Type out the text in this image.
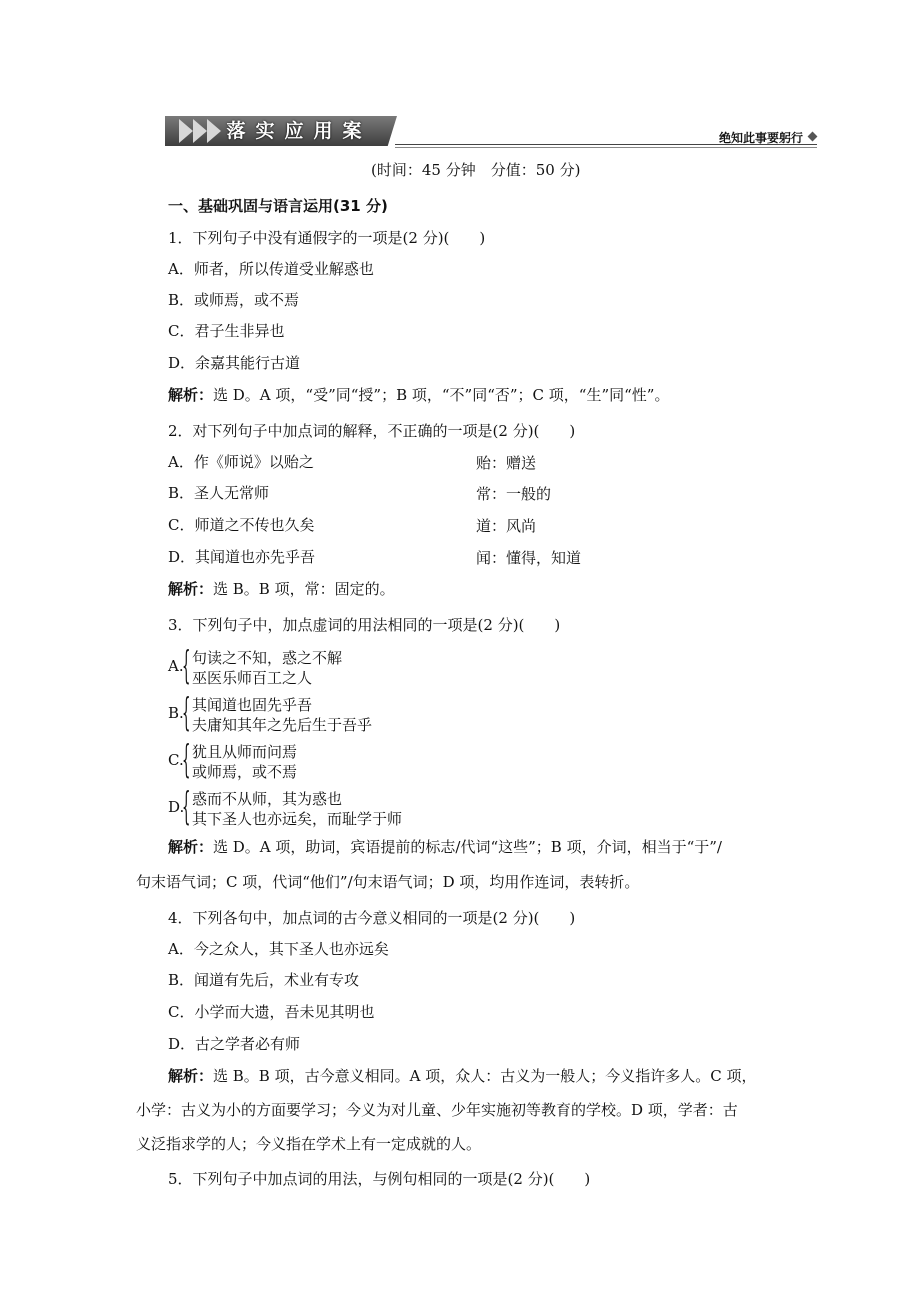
落 实 应 用 案	绝知此事要躬行
(时间：45 分钟　分值：50 分)
一、基础巩固与语言运用(31 分)
1．下列句子中没有通假字的一项是(2 分)(　　)
A．师者，所以传道受业解惑也
B．或师焉，或不焉
C．君子生非异也
D．余嘉其能行古道
解析：选 D。A 项，“受”同“授”；B 项，“不”同“否”；C 项，“生”同“性”。
2．对下列句子中加点词的解释，不正确的一项是(2 分)(　　)
A．作《师说》以贻之	贻：赠送
B．圣人无常师	常：一般的
C．师道之不传也久矣	道：风尚
D．其闻道也亦先乎吾	闻：懂得，知道
解析：选 B。B 项，常：固定的。
3．下列句子中，加点虚词的用法相同的一项是(2 分)(　　)
A.
{ 句读之不知，惑之不解
巫医乐师百工之人
B.
{ 其闻道也固先乎吾
夫庸知其年之先后生于吾乎
C.
{ 犹且从师而问焉
或师焉，或不焉
D.
{ 惑而不从师，其为惑也
其下圣人也亦远矣，而耻学于师
解析：选 D。A 项，助词，宾语提前的标志/代词“这些”；B 项，介词，相当于“于”/
句末语气词；C 项，代词“他们”/句末语气词；D 项，均用作连词，表转折。
4．下列各句中，加点词的古今意义相同的一项是(2 分)(　　)
A．今之众人，其下圣人也亦远矣
B．闻道有先后，术业有专攻
C．小学而大遗，吾未见其明也
D．古之学者必有师
解析：选 B。B 项，古今意义相同。A 项，众人：古义为一般人；今义指许多人。C 项，
小学：古义为小的方面要学习；今义为对儿童、少年实施初等教育的学校。D 项，学者：古
义泛指求学的人；今义指在学术上有一定成就的人。
5．下列句子中加点词的用法，与例句相同的一项是(2 分)(　　)
